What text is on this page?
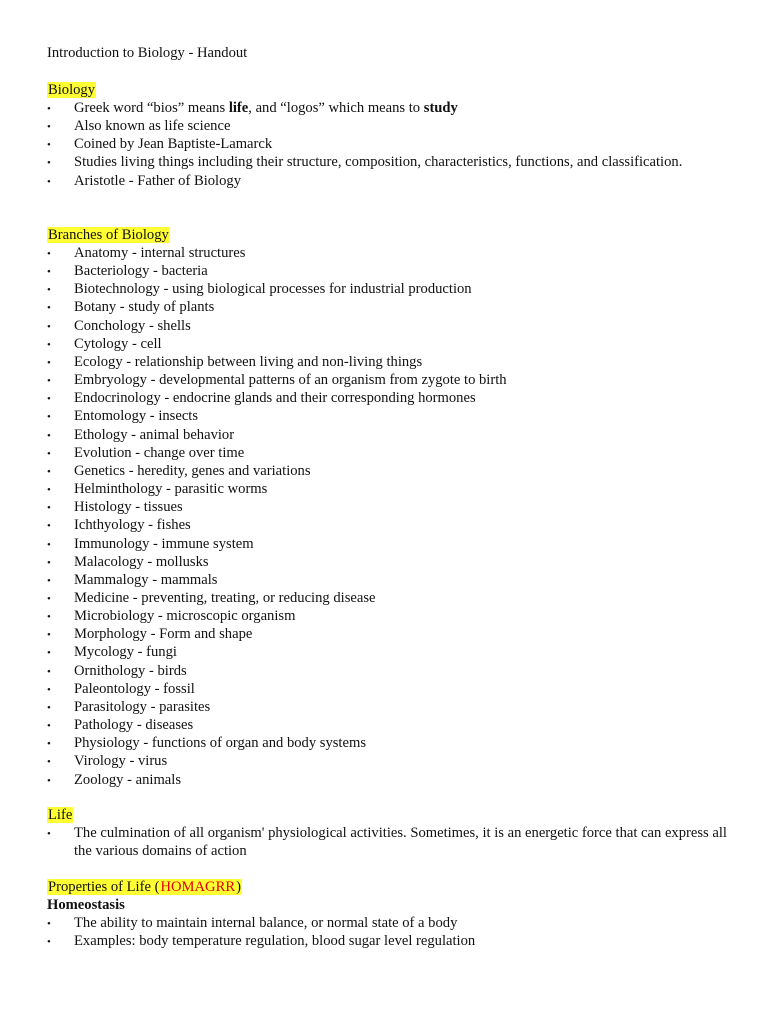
Introduction to Biology - Handout
Biology
• Greek word “bios” means life, and “logos” which means to study
• Also known as life science
• Coined by Jean Baptiste-Lamarck
• Studies living things including their structure, composition, characteristics, functions, and classification.
• Aristotle - Father of Biology
Branches of Biology
• Anatomy - internal structures
• Bacteriology - bacteria
• Biotechnology - using biological processes for industrial production
• Botany - study of plants
• Conchology - shells
• Cytology - cell
• Ecology - relationship between living and non-living things
• Embryology - developmental patterns of an organism from zygote to birth
• Endocrinology - endocrine glands and their corresponding hormones
• Entomology - insects
• Ethology - animal behavior
• Evolution - change over time
• Genetics - heredity, genes and variations
• Helminthology - parasitic worms
• Histology - tissues
• Ichthyology - fishes
• Immunology - immune system
• Malacology - mollusks
• Mammalogy - mammals
• Medicine - preventing, treating, or reducing disease
• Microbiology - microscopic organism
• Morphology - Form and shape
• Mycology - fungi
• Ornithology - birds
• Paleontology - fossil
• Parasitology - parasites
• Pathology - diseases
• Physiology - functions of organ and body systems
• Virology - virus
• Zoology - animals
Life
• The culmination of all organism' physiological activities. Sometimes, it is an energetic force that can express all the various domains of action
Properties of Life (HOMAGRR)
Homeostasis
• The ability to maintain internal balance, or normal state of a body
• Examples: body temperature regulation, blood sugar level regulation
